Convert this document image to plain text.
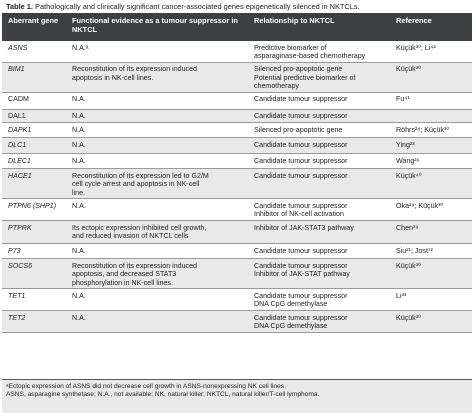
Table 1. Pathologically and clinically significant cancer-associated genes epigenetically silenced in NKTCLs.
Aberrant gene	Functional evidence as a tumour suppressor in NKTCL	Relationship to NKTCL	Reference
ASNS	N.A.ᵃ	Predictive biomarker of
asparaginase-based chemotherapy	Küçük³⁰; Li⁴²
BIM1	Reconstitution of its expression induced
apoptosis in NK-cell lines.	Silenced pro-apoptotic gene
Potential predictive biomarker of
chemotherapy	Küçük³⁰
CADM	N.A.	Candidate tumour suppressor	Fu⁴¹
DAL1	N.A.	Candidate tumour suppressor	

DAPK1	N.A.	Silenced pro-apoptotic gene	Röhrs²⁸; Küçük³⁰
DLC1	N.A.	Candidate tumour suppressor	Ying²³
DLEC1	N.A.	Candidate tumour suppressor	Wang²⁶
HACE1	Reconstitution of its expression led to G2/M
cell cycle arrest and apoptosis in NK-cell
line.	Candidate tumour suppressor	Küçük⁴⁰
PTPN6 (SHP1)	N.A.	Candidate tumour suppressor
Inhibitor of NK-cell activation	Oka²⁹; Küçük³⁰
PTPRK	Its ectopic expression inhibited cell growth,
and reduced invasion of NKTCL cells	Inhibitor of JAK-STAT3 pathway	Chen³⁹
P73	N.A.	Candidate tumour suppressor	Siu²¹; Jost⁷²
SOCS6	Reconstitution of its expression induced
apoptosis, and decreased STAT3
phosphorylation in NK-cell lines.	Candidate tumour suppressor
Inhibitor of JAK-STAT pathway	Küçük³⁰
TET1	N.A.	Candidate tumour suppressor
DNA CpG demethylase	Li³³
TET2	N.A.	Candidate tumour suppressor
DNA CpG demethylase	Küçük³⁰
ᵃEctopic expression of ASNS did not decrease cell growth in ASNS-nonexpressing NK cell lines.
ASNS, asparagine synthetase; N.A., not available; NK, natural killer; NKTCL, natural killer/T-cell lymphoma.
